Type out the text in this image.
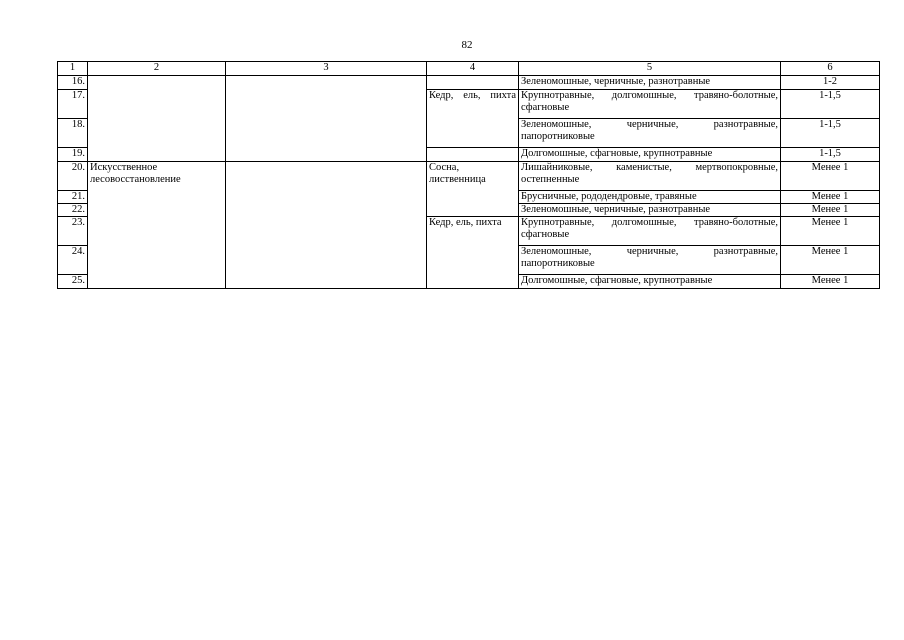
82
1	2	3	4	5	6
16.				Зеленомошные, черничные, разнотравные	1-2
17.			Кедр, ель, пихта	Крупнотравные, долгомошные, травяно-болотные, сфагновые	1-1,5
18.				Зеленомошные, черничные, разнотравные, папоротниковые	1-1,5
19.				Долгомошные, сфагновые, крупнотравные	1-1,5
20.	Искусственное лесовосстановление		Сосна, лиственница	Лишайниковые, каменистые, мертвопокровные, остепненные	Менее 1
21.				Брусничные, рододендровые, травяные	Менее 1
22.				Зеленомошные, черничные, разнотравные	Менее 1
23.			Кедр, ель, пихта	Крупнотравные, долгомошные, травяно-болотные, сфагновые	Менее 1
24.				Зеленомошные, черничные, разнотравные, папоротниковые	Менее 1
25.				Долгомошные, сфагновые, крупнотравные	Менее 1
